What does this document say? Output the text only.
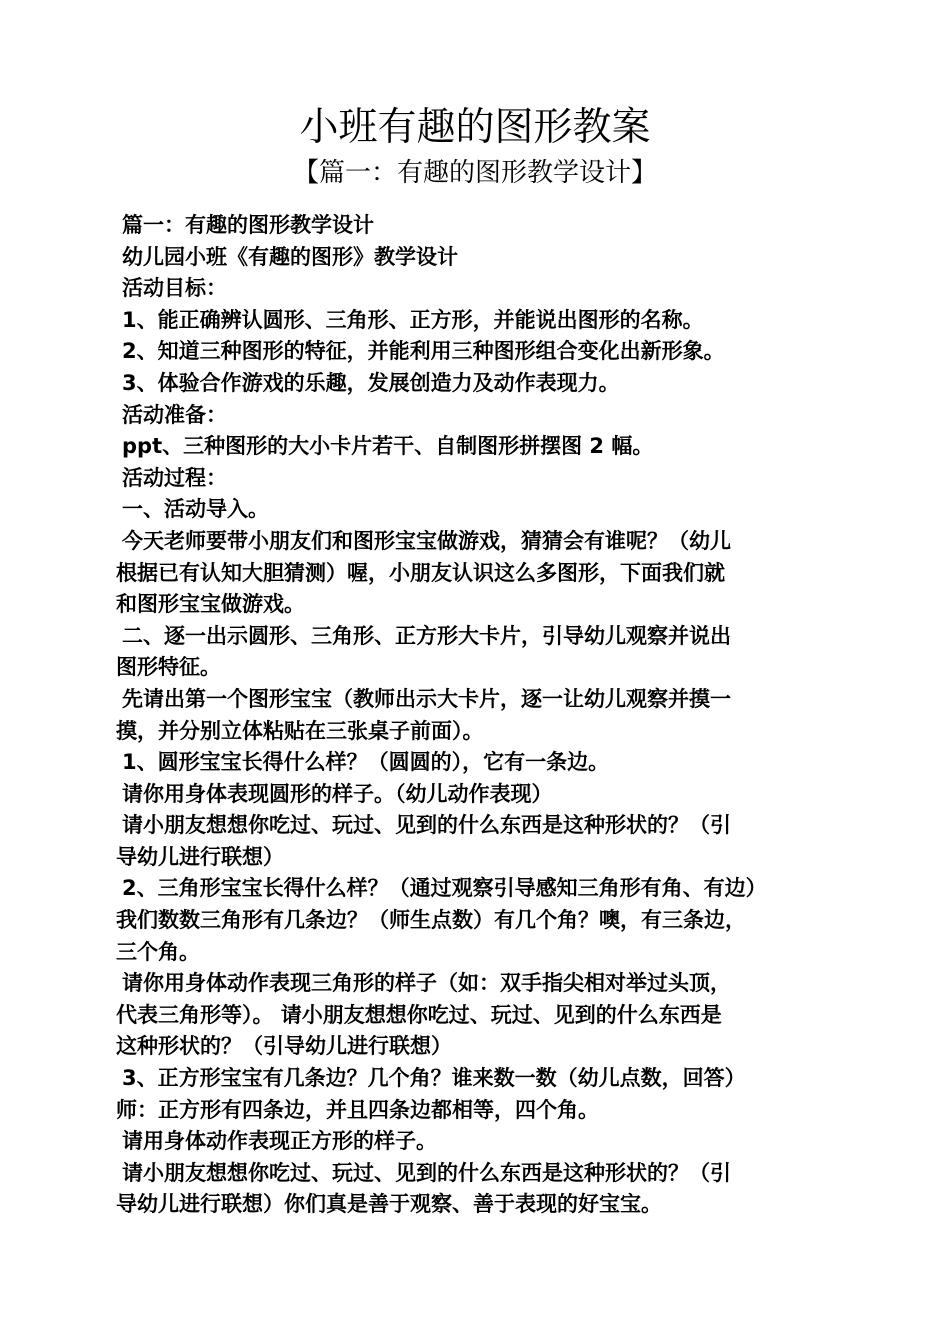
小班有趣的图形教案
【篇一：有趣的图形教学设计】
篇一：有趣的图形教学设计
幼儿园小班《有趣的图形》教学设计
活动目标：
1、能正确辨认圆形、三角形、正方形，并能说出图形的名称。
2、知道三种图形的特征，并能利用三种图形组合变化出新形象。
3、体验合作游戏的乐趣，发展创造力及动作表现力。
活动准备：
ppt、三种图形的大小卡片若干、自制图形拼摆图 2 幅。
活动过程：
一、活动导入。
今天老师要带小朋友们和图形宝宝做游戏，猜猜会有谁呢？（幼儿
根据已有认知大胆猜测）喔，小朋友认识这么多图形，下面我们就
和图形宝宝做游戏。
二、逐一出示圆形、三角形、正方形大卡片，引导幼儿观察并说出
图形特征。
先请出第一个图形宝宝（教师出示大卡片，逐一让幼儿观察并摸一
摸，并分别立体粘贴在三张桌子前面）。
1、圆形宝宝长得什么样？（圆圆的），它有一条边。
请你用身体表现圆形的样子。（幼儿动作表现）
请小朋友想想你吃过、玩过、见到的什么东西是这种形状的？（引
导幼儿进行联想）
2、三角形宝宝长得什么样？（通过观察引导感知三角形有角、有边）
我们数数三角形有几条边？（师生点数）有几个角？噢，有三条边，
三个角。
请你用身体动作表现三角形的样子（如：双手指尖相对举过头顶，
代表三角形等）。 请小朋友想想你吃过、玩过、见到的什么东西是
这种形状的？（引导幼儿进行联想）
3、正方形宝宝有几条边？几个角？谁来数一数（幼儿点数，回答）
师：正方形有四条边，并且四条边都相等，四个角。
请用身体动作表现正方形的样子。
请小朋友想想你吃过、玩过、见到的什么东西是这种形状的？（引
导幼儿进行联想）你们真是善于观察、善于表现的好宝宝。
